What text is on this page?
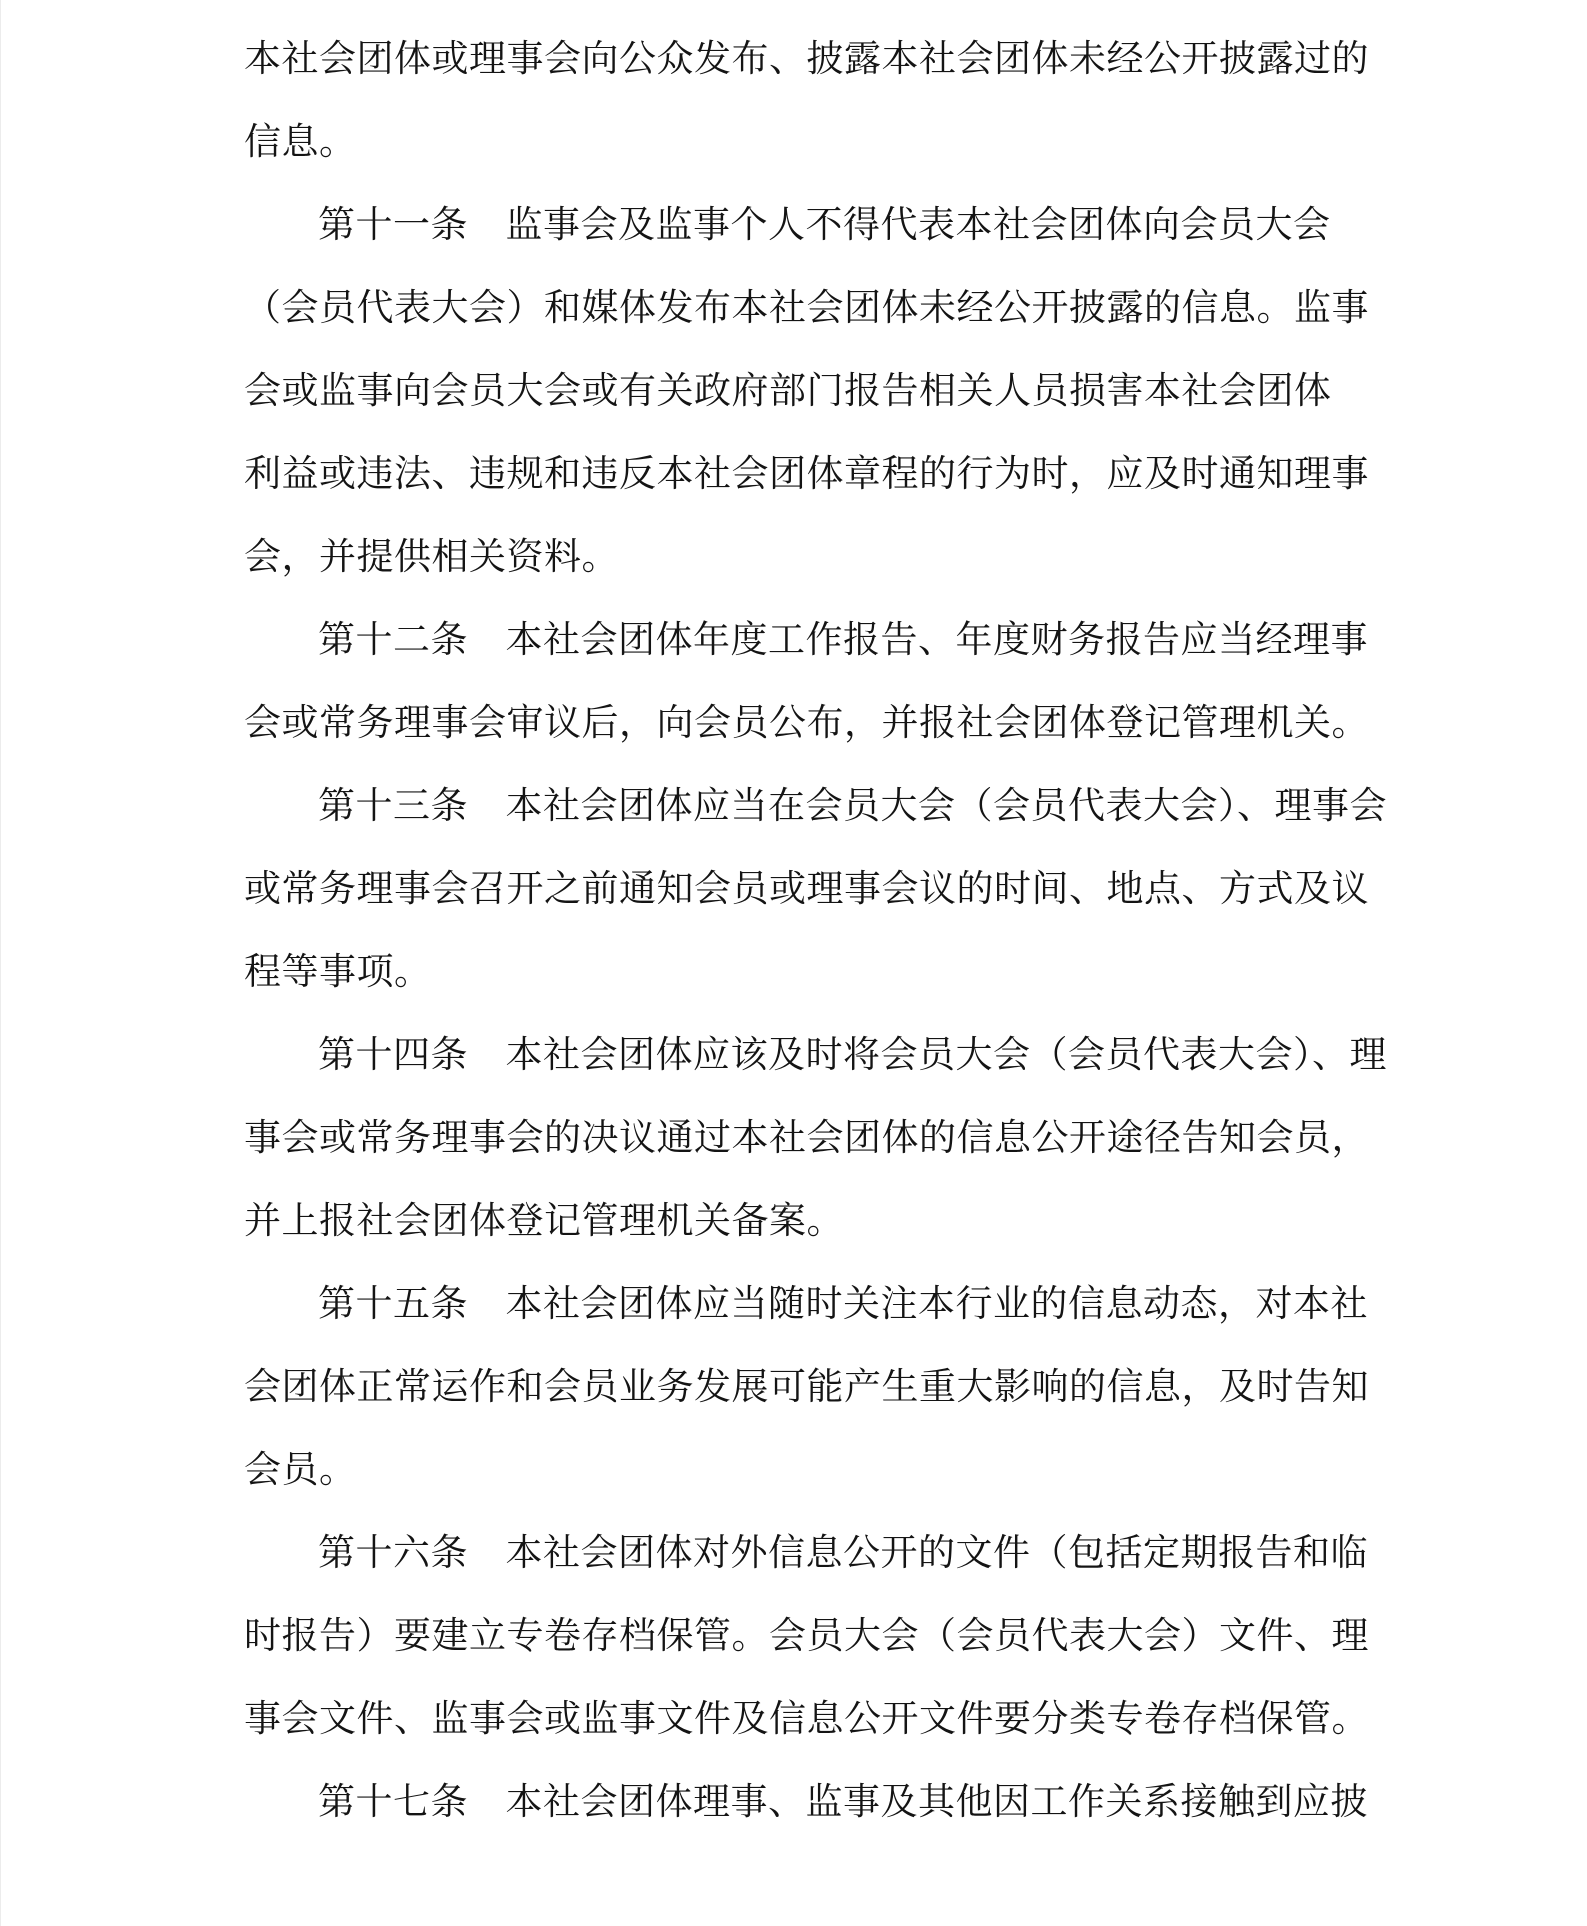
本社会团体或理事会向公众发布、披露本社会团体未经公开披露过的
信息。
第十一条　监事会及监事个人不得代表本社会团体向会员大会
（会员代表大会）和媒体发布本社会团体未经公开披露的信息。监事
会或监事向会员大会或有关政府部门报告相关人员损害本社会团体
利益或违法、违规和违反本社会团体章程的行为时，应及时通知理事
会，并提供相关资料。
第十二条　本社会团体年度工作报告、年度财务报告应当经理事
会或常务理事会审议后，向会员公布，并报社会团体登记管理机关。
第十三条　本社会团体应当在会员大会（会员代表大会）、理事会
或常务理事会召开之前通知会员或理事会议的时间、地点、方式及议
程等事项。
第十四条　本社会团体应该及时将会员大会（会员代表大会）、理
事会或常务理事会的决议通过本社会团体的信息公开途径告知会员，
并上报社会团体登记管理机关备案。
第十五条　本社会团体应当随时关注本行业的信息动态，对本社
会团体正常运作和会员业务发展可能产生重大影响的信息，及时告知
会员。
第十六条　本社会团体对外信息公开的文件（包括定期报告和临
时报告）要建立专卷存档保管。会员大会（会员代表大会）文件、理
事会文件、监事会或监事文件及信息公开文件要分类专卷存档保管。
第十七条　本社会团体理事、监事及其他因工作关系接触到应披
